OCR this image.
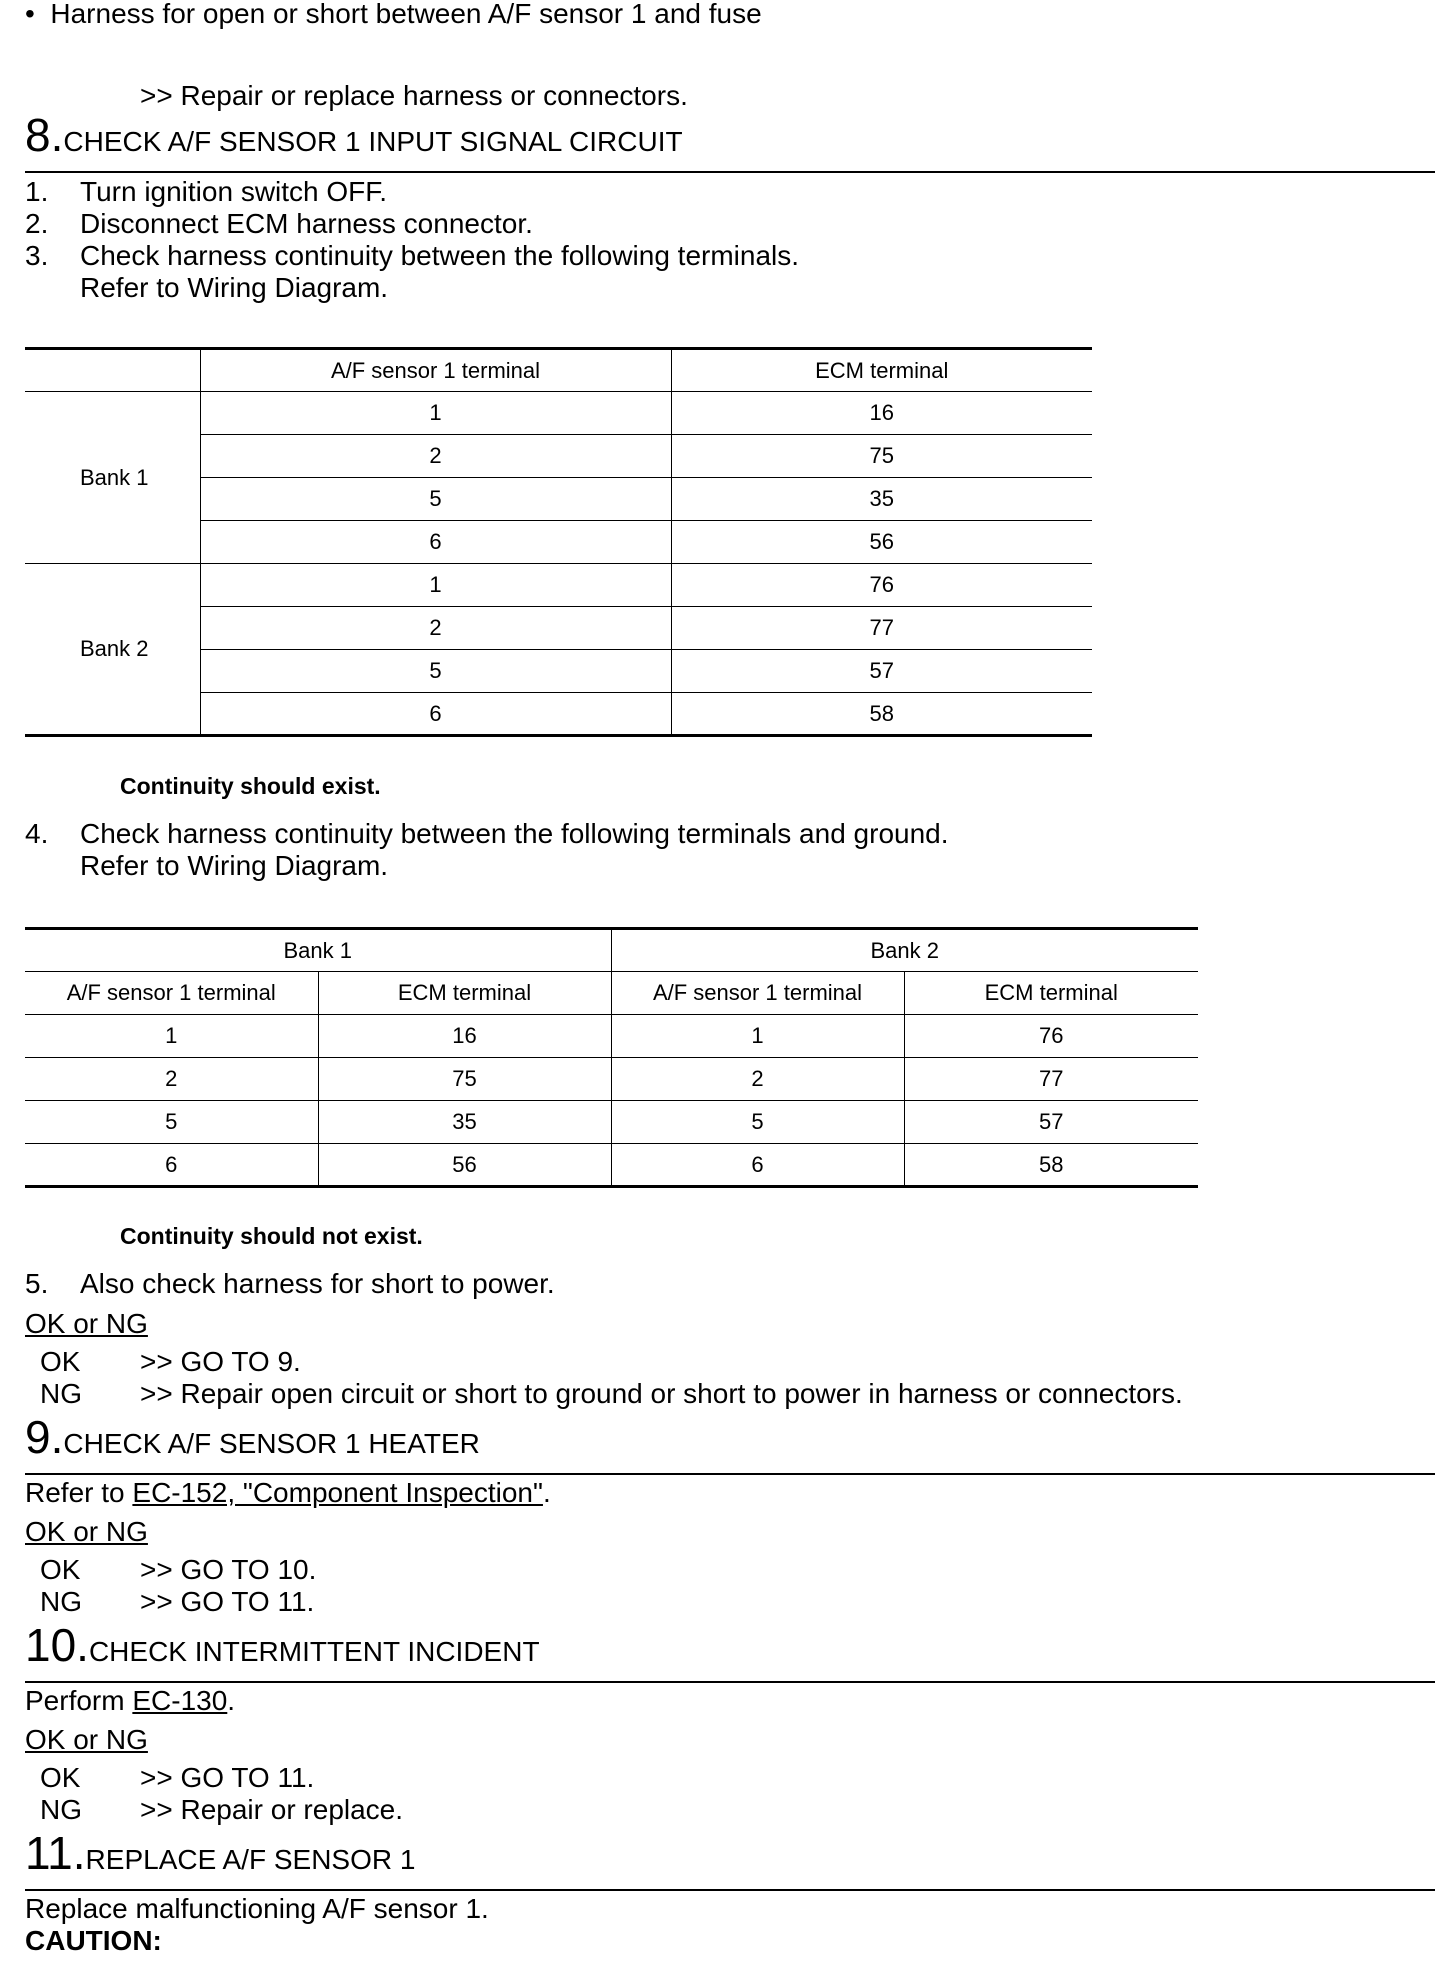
•  Harness for open or short between A/F sensor 1 and fuse
>> Repair or replace harness or connectors.
8.CHECK A/F SENSOR 1 INPUT SIGNAL CIRCUIT
1. Turn ignition switch OFF.
2. Disconnect ECM harness connector.
3. Check harness continuity between the following terminals.
Refer to Wiring Diagram.
	A/F sensor 1 terminal	ECM terminal
Bank 1	1	16
	2	75
	5	35
	6	56
Bank 2	1	76
	2	77
	5	57
	6	58
Continuity should exist.
4. Check harness continuity between the following terminals and ground.
Refer to Wiring Diagram.
Bank 1		Bank 2	
A/F sensor 1 terminal	ECM terminal	A/F sensor 1 terminal	ECM terminal
1	16	1	76
2	75	2	77
5	35	5	57
6	56	6	58
Continuity should not exist.
5. Also check harness for short to power.
OK or NG
OK >> GO TO 9.
NG >> Repair open circuit or short to ground or short to power in harness or connectors.
9.CHECK A/F SENSOR 1 HEATER
Refer to EC-152, "Component Inspection".
OK or NG
OK >> GO TO 10.
NG >> GO TO 11.
10.CHECK INTERMITTENT INCIDENT
Perform EC-130.
OK or NG
OK >> GO TO 11.
NG >> Repair or replace.
11.REPLACE A/F SENSOR 1
Replace malfunctioning A/F sensor 1.
CAUTION:
